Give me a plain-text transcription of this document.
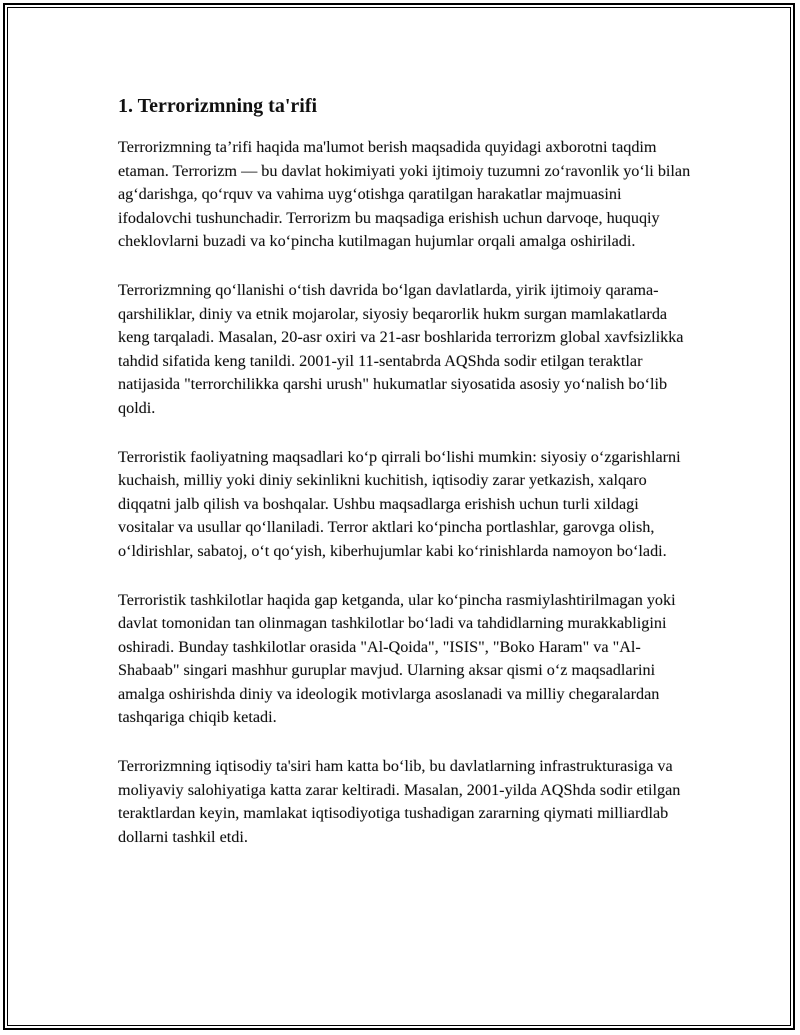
1. Terrorizmning ta'rifi

Terrorizmning ta’rifi haqida ma'lumot berish maqsadida quyidagi axborotni taqdim etaman. Terrorizm — bu davlat hokimiyati yoki ijtimoiy tuzumni zo‘ravonlik yo‘li bilan ag‘darishga, qo‘rquv va vahima uyg‘otishga qaratilgan harakatlar majmuasini ifodalovchi tushunchadir. Terrorizm bu maqsadiga erishish uchun darvoqe, huquqiy cheklovlarni buzadi va ko‘pincha kutilmagan hujumlar orqali amalga oshiriladi.

Terrorizmning qo‘llanishi o‘tish davrida bo‘lgan davlatlarda, yirik ijtimoiy qarama-qarshiliklar, diniy va etnik mojarolar, siyosiy beqarorlik hukm surgan mamlakatlarda keng tarqaladi. Masalan, 20-asr oxiri va 21-asr boshlarida terrorizm global xavfsizlikka tahdid sifatida keng tanildi. 2001-yil 11-sentabrda AQShda sodir etilgan teraktlar natijasida "terrorchilikka qarshi urush" hukumatlar siyosatida asosiy yo‘nalish bo‘lib qoldi.

Terroristik faoliyatning maqsadlari ko‘p qirrali bo‘lishi mumkin: siyosiy o‘zgarishlarni kuchaish, milliy yoki diniy sekinlikni kuchitish, iqtisodiy zarar yetkazish, xalqaro diqqatni jalb qilish va boshqalar. Ushbu maqsadlarga erishish uchun turli xildagi vositalar va usullar qo‘llaniladi. Terror aktlari ko‘pincha portlashlar, garovga olish, o‘ldirishlar, sabatoj, o‘t qo‘yish, kiberhujumlar kabi ko‘rinishlarda namoyon bo‘ladi.

Terroristik tashkilotlar haqida gap ketganda, ular ko‘pincha rasmiylashtirilmagan yoki davlat tomonidan tan olinmagan tashkilotlar bo‘ladi va tahdidlarning murakkabligini oshiradi. Bunday tashkilotlar orasida "Al-Qoida", "ISIS", "Boko Haram" va "Al-Shabaab" singari mashhur guruplar mavjud. Ularning aksar qismi o‘z maqsadlarini amalga oshirishda diniy va ideologik motivlarga asoslanadi va milliy chegaralardan tashqariga chiqib ketadi.

Terrorizmning iqtisodiy ta'siri ham katta bo‘lib, bu davlatlarning infrastrukturasiga va moliyaviy salohiyatiga katta zarar keltiradi. Masalan, 2001-yilda AQShda sodir etilgan teraktlardan keyin, mamlakat iqtisodiyotiga tushadigan zararning qiymati milliardlab dollarni tashkil etdi.
